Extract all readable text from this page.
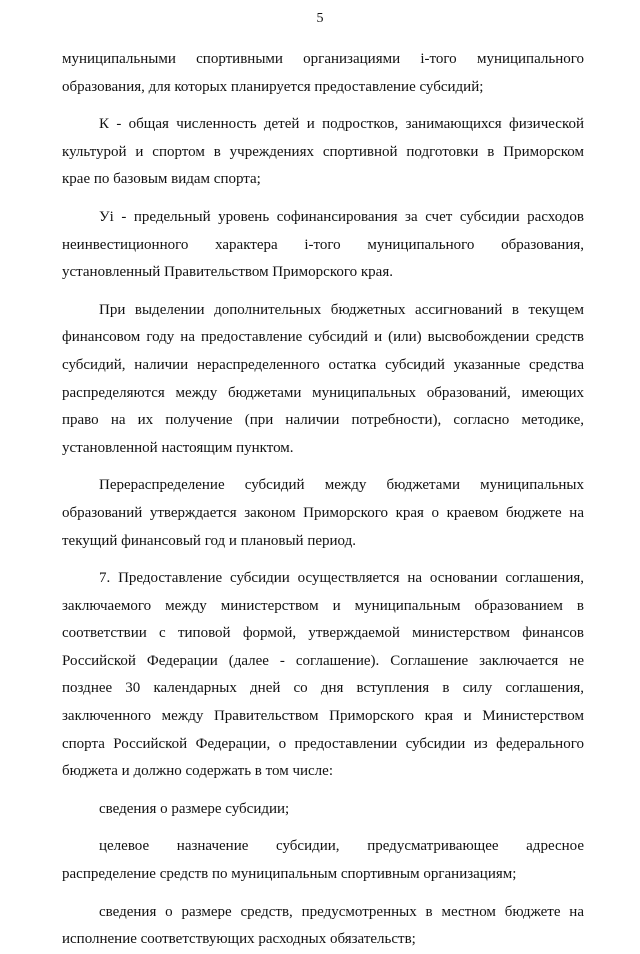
5

муниципальными спортивными организациями i-того муниципального
образования, для которых планируется предоставление субсидий;

К - общая численность детей и подростков, занимающихся физической
культурой и спортом в учреждениях спортивной подготовки в Приморском
крае по базовым видам спорта;

Уi - предельный уровень софинансирования за счет субсидии расходов
неинвестиционного характера i-того муниципального образования,
установленный Правительством Приморского края.

При выделении дополнительных бюджетных ассигнований в текущем
финансовом году на предоставление субсидий и (или) высвобождении средств
субсидий, наличии нераспределенного остатка субсидий указанные средства
распределяются между бюджетами муниципальных образований, имеющих
право на их получение (при наличии потребности), согласно методике,
установленной настоящим пунктом.

Перераспределение субсидий между бюджетами муниципальных
образований утверждается законом Приморского края о краевом бюджете на
текущий финансовый год и плановый период.

7. Предоставление субсидии осуществляется на основании соглашения,
заключаемого между министерством и муниципальным образованием в
соответствии с типовой формой, утверждаемой министерством финансов
Российской Федерации (далее - соглашение). Соглашение заключается не
позднее 30 календарных дней со дня вступления в силу соглашения,
заключенного между Правительством Приморского края и Министерством
спорта Российской Федерации, о предоставлении субсидии из федерального
бюджета и должно содержать в том числе:

сведения о размере субсидии;

целевое назначение субсидии, предусматривающее адресное
распределение средств по муниципальным спортивным организациям;

сведения о размере средств, предусмотренных в местном бюджете на
исполнение соответствующих расходных обязательств;
